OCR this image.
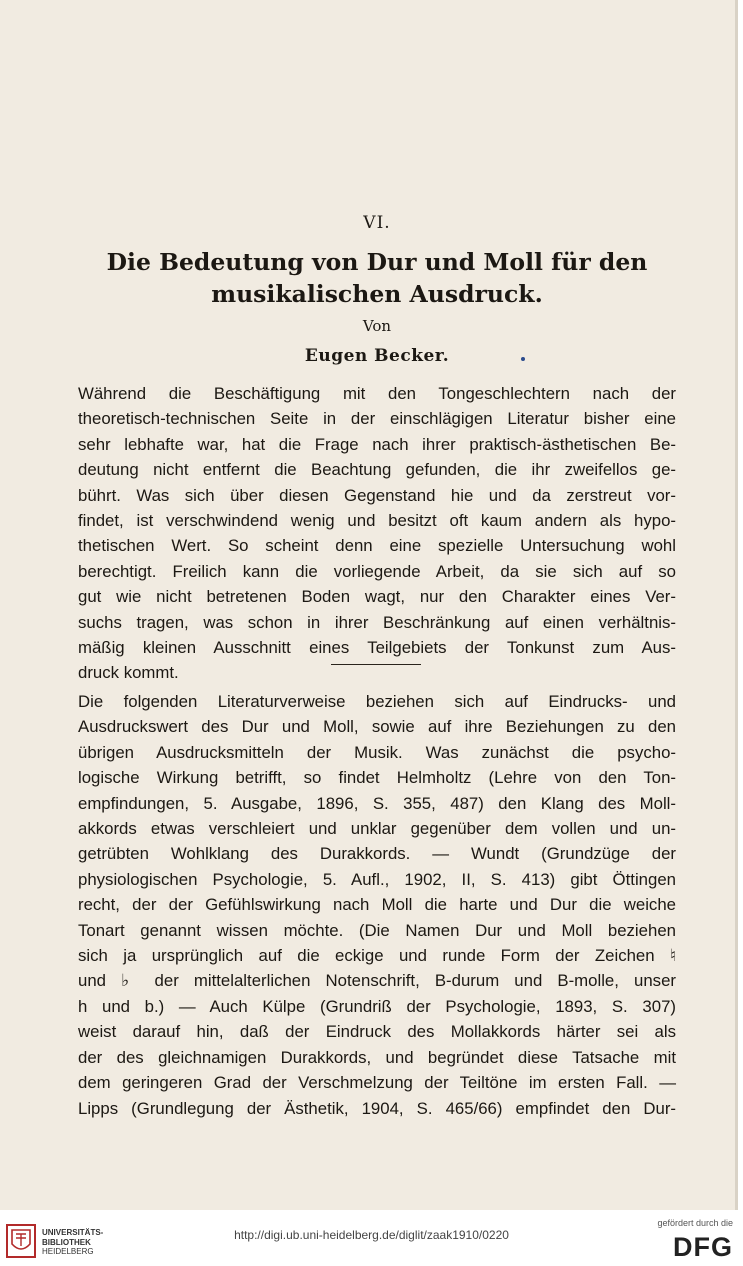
VI.
Die Bedeutung von Dur und Moll für den
musikalischen Ausdruck.
Von
Eugen Becker.

Während die Beschäftigung mit den Tongeschlechtern nach der
theoretisch-technischen Seite in der einschlägigen Literatur bisher eine
sehr lebhafte war, hat die Frage nach ihrer praktisch-ästhetischen Be-
deutung nicht entfernt die Beachtung gefunden, die ihr zweifellos ge-
bührt. Was sich über diesen Gegenstand hie und da zerstreut vor-
findet, ist verschwindend wenig und besitzt oft kaum andern als hypo-
thetischen Wert. So scheint denn eine spezielle Untersuchung wohl
berechtigt. Freilich kann die vorliegende Arbeit, da sie sich auf so
gut wie nicht betretenen Boden wagt, nur den Charakter eines Ver-
suchs tragen, was schon in ihrer Beschränkung auf einen verhältnis-
mäßig kleinen Ausschnitt eines Teilgebiets der Tonkunst zum Aus-
druck kommt.

Die folgenden Literaturverweise beziehen sich auf Eindrucks- und
Ausdruckswert des Dur und Moll, sowie auf ihre Beziehungen zu den
übrigen Ausdrucksmitteln der Musik. Was zunächst die psycho-
logische Wirkung betrifft, so findet Helmholtz (Lehre von den Ton-
empfindungen, 5. Ausgabe, 1896, S. 355, 487) den Klang des Moll-
akkords etwas verschleiert und unklar gegenüber dem vollen und un-
getrübten Wohlklang des Durakkords. — Wundt (Grundzüge der
physiologischen Psychologie, 5. Aufl., 1902, II, S. 413) gibt Öttingen
recht, der der Gefühlswirkung nach Moll die harte und Dur die weiche
Tonart genannt wissen möchte. (Die Namen Dur und Moll beziehen
sich ja ursprünglich auf die eckige und runde Form der Zeichen ♮
und ♭ der mittelalterlichen Notenschrift, B-durum und B-molle, unser
h und b.) — Auch Külpe (Grundriß der Psychologie, 1893, S. 307)
weist darauf hin, daß der Eindruck des Mollakkords härter sei als
der des gleichnamigen Durakkords, und begründet diese Tatsache mit
dem geringeren Grad der Verschmelzung der Teiltöne im ersten Fall. —
Lipps (Grundlegung der Ästhetik, 1904, S. 465/66) empfindet den Dur-

UNIVERSITÄTS-
BIBLIOTHEK
HEIDELBERG
http://digi.ub.uni-heidelberg.de/diglit/zaak1910/0220
gefördert durch die
DFG
